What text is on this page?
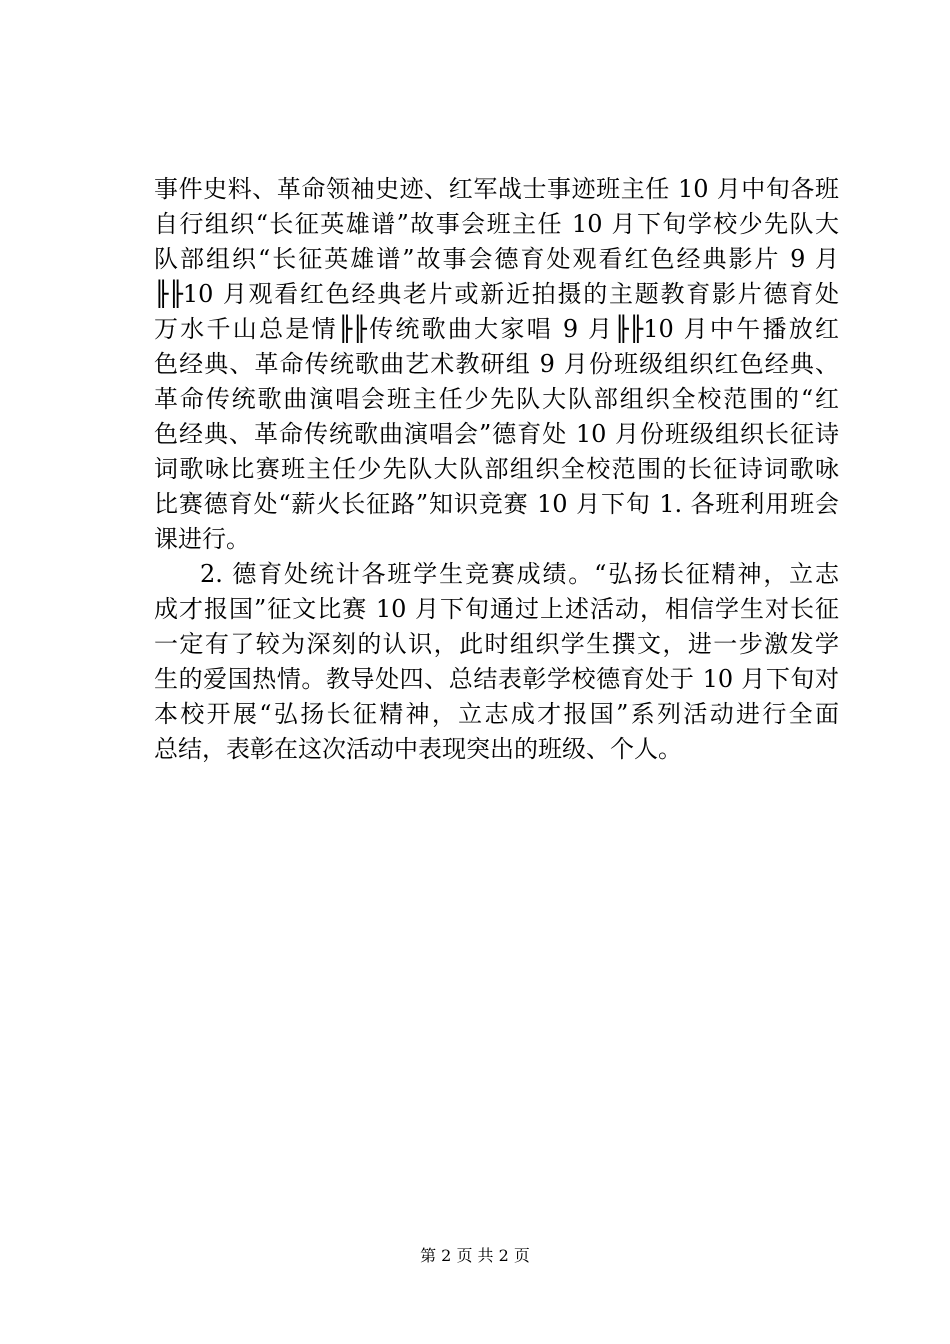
事件史料、革命领袖史迹、红军战士事迹班主任 10 月中旬各班
自行组织“长征英雄谱”故事会班主任 10 月下旬学校少先队大
队部组织“长征英雄谱”故事会德育处观看红色经典影片 9 月
╟╟10 月观看红色经典老片或新近拍摄的主题教育影片德育处
万水千山总是情╟╟传统歌曲大家唱 9 月╟╟10 月中午播放红
色经典、革命传统歌曲艺术教研组 9 月份班级组织红色经典、
革命传统歌曲演唱会班主任少先队大队部组织全校范围的“红
色经典、革命传统歌曲演唱会”德育处 10 月份班级组织长征诗
词歌咏比赛班主任少先队大队部组织全校范围的长征诗词歌咏
比赛德育处“薪火长征路”知识竞赛 10 月下旬 1. 各班利用班会
课进行。
2. 德育处统计各班学生竞赛成绩。“弘扬长征精神，立志
成才报国”征文比赛 10 月下旬通过上述活动，相信学生对长征
一定有了较为深刻的认识，此时组织学生撰文，进一步激发学
生的爱国热情。教导处四、总结表彰学校德育处于 10 月下旬对
本校开展“弘扬长征精神，立志成才报国”系列活动进行全面
总结，表彰在这次活动中表现突出的班级、个人。
第 2 页 共 2 页
